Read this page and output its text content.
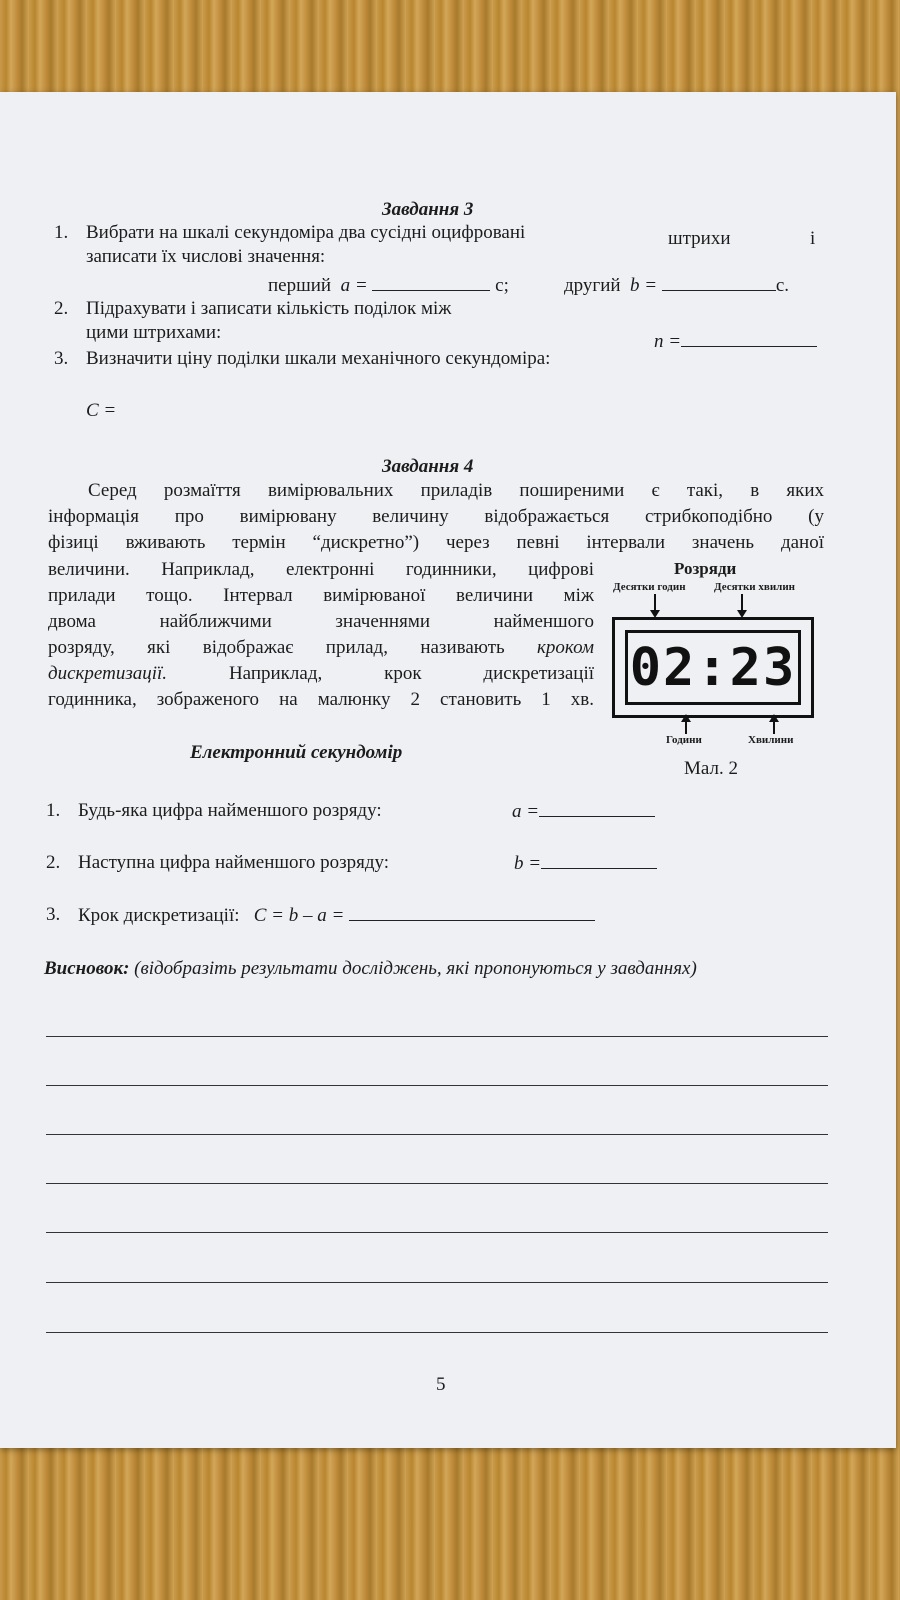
Завдання 3
1. Вибрати на шкалі секундоміра два сусідні оцифровані	штрихи	і
записати їх числові значення:
перший a =	с;	другий b =	с.
2. Підрахувати і записати кількість поділок між
цими штрихами:	n =
3. Визначити ціну поділки шкали механічного секундоміра:
C =
Завдання 4
Серед розмаїття вимірювальних приладів поширеними є такі, в яких
інформація про вимірювану величину відображається стрибкоподібно (у
фізиці вживають термін “дискретно”) через певні інтервали значень даної
величини. Наприклад, електронні годинники, цифрові
прилади тощо. Інтервал вимірюваної величини між
двома найближчими значеннями найменшого
розряду, які відображає прилад, називають кроком
дискретизації.	Наприклад, крок дискретизації
годинника, зображеного на малюнку 2 становить 1 хв.
Розряди
Десятки годин	Десятки хвилин
02:23
Години	Хвилини
Мал. 2
Електронний секундомір
1. Будь-яка цифра найменшого розряду:	a =
2. Наступна цифра найменшого розряду:	b =
3. Крок дискретизації: C = b – a =
Висновок: (відобразіть результати досліджень, які пропонуються у завданнях)
5
